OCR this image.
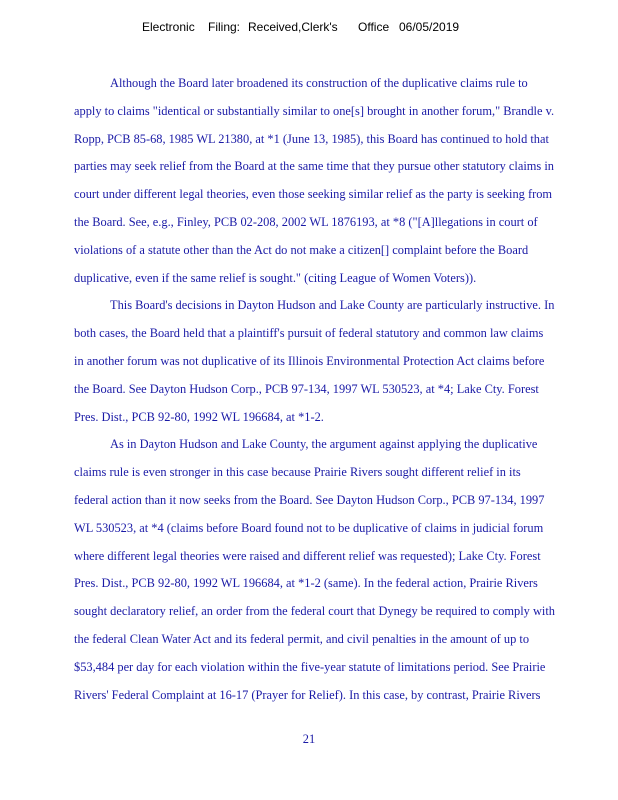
Electronic Filing: Received,Clerk's Office 06/05/2019
Although the Board later broadened its construction of the duplicative claims rule to
apply to claims "identical or substantially similar to one[s] brought in another forum," Brandle v.
Ropp, PCB 85-68, 1985 WL 21380, at *1 (June 13, 1985), this Board has continued to hold that
parties may seek relief from the Board at the same time that they pursue other statutory claims in
court under different legal theories, even those seeking similar relief as the party is seeking from
the Board. See, e.g., Finley, PCB 02-208, 2002 WL 1876193, at *8 ("[A]llegations in court of
violations of a statute other than the Act do not make a citizen[] complaint before the Board
duplicative, even if the same relief is sought." (citing League of Women Voters)).
This Board's decisions in Dayton Hudson and Lake County are particularly instructive. In
both cases, the Board held that a plaintiff's pursuit of federal statutory and common law claims
in another forum was not duplicative of its Illinois Environmental Protection Act claims before
the Board. See Dayton Hudson Corp., PCB 97-134, 1997 WL 530523, at *4; Lake Cty. Forest
Pres. Dist., PCB 92-80, 1992 WL 196684, at *1-2.
As in Dayton Hudson and Lake County, the argument against applying the duplicative
claims rule is even stronger in this case because Prairie Rivers sought different relief in its
federal action than it now seeks from the Board. See Dayton Hudson Corp., PCB 97-134, 1997
WL 530523, at *4 (claims before Board found not to be duplicative of claims in judicial forum
where different legal theories were raised and different relief was requested); Lake Cty. Forest
Pres. Dist., PCB 92-80, 1992 WL 196684, at *1-2 (same). In the federal action, Prairie Rivers
sought declaratory relief, an order from the federal court that Dynegy be required to comply with
the federal Clean Water Act and its federal permit, and civil penalties in the amount of up to
$53,484 per day for each violation within the five-year statute of limitations period. See Prairie
Rivers' Federal Complaint at 16-17 (Prayer for Relief). In this case, by contrast, Prairie Rivers
21
